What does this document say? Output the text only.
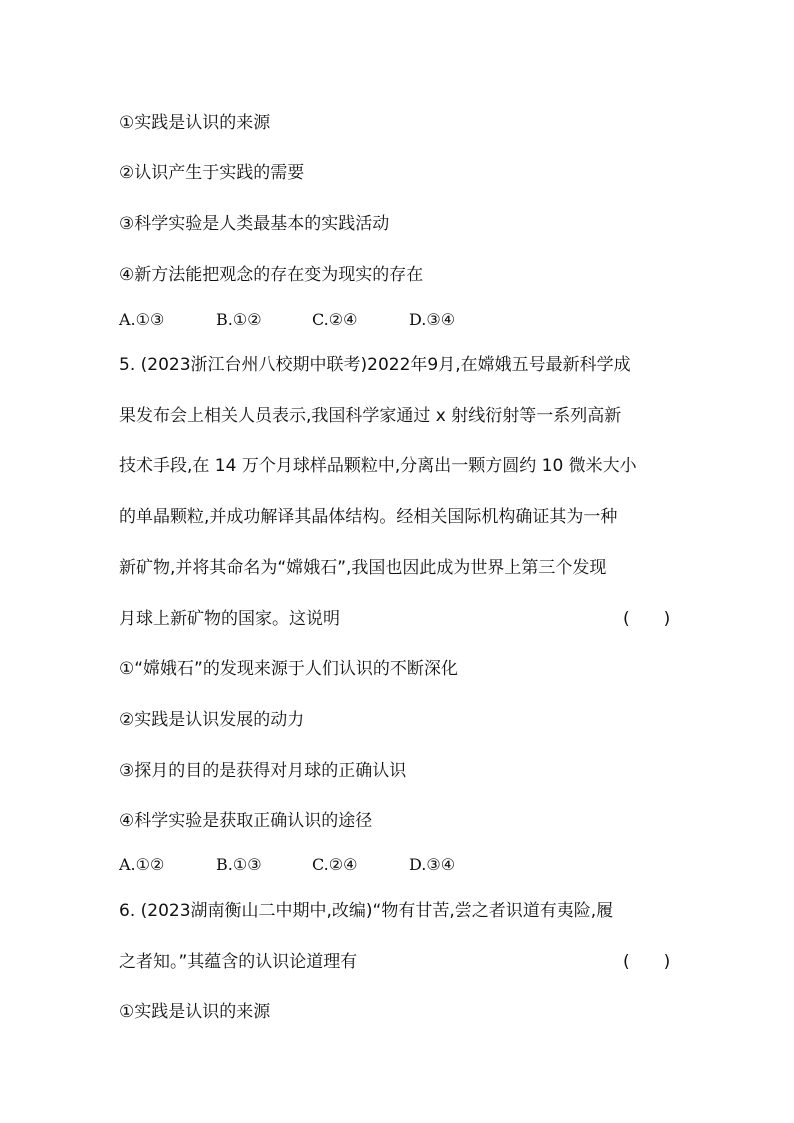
①实践是认识的来源
②认识产生于实践的需要
③科学实验是人类最基本的实践活动
④新方法能把观念的存在变为现实的存在
A.①③	B.①②	C.②④	D.③④
5. (2023浙江台州八校期中联考)2022年9月,在嫦娥五号最新科学成
果发布会上相关人员表示,我国科学家通过 x 射线衍射等一系列高新
技术手段,在 14 万个月球样品颗粒中,分离出一颗方圆约 10 微米大小
的单晶颗粒,并成功解译其晶体结构。经相关国际机构确证其为一种
新矿物,并将其命名为“嫦娥石”,我国也因此成为世界上第三个发现
月球上新矿物的国家。这说明	(　　)
①“嫦娥石”的发现来源于人们认识的不断深化
②实践是认识发展的动力
③探月的目的是获得对月球的正确认识
④科学实验是获取正确认识的途径
A.①②	B.①③	C.②④	D.③④
6. (2023湖南衡山二中期中,改编)“物有甘苦,尝之者识道有夷险,履
之者知。”其蕴含的认识论道理有	(　　)
①实践是认识的来源
